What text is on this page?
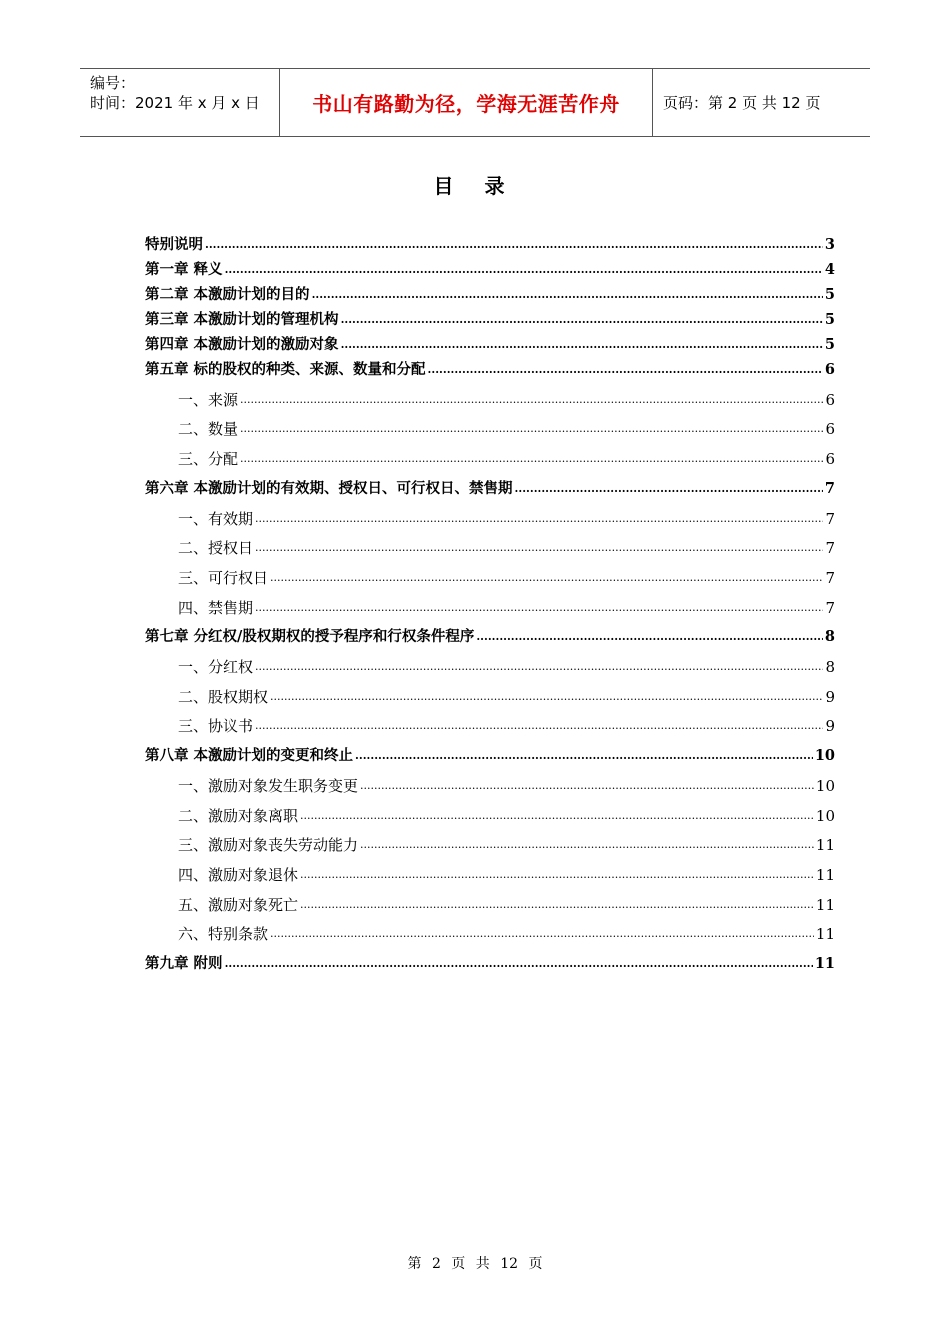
编号：
时间：2021 年 x 月 x 日	书山有路勤为径，学海无涯苦作舟	页码：第 2 页 共 12 页
目 录
特别说明 .....	3
第一章 释义 .....	4
第二章 本激励计划的目的 .....	5
第三章 本激励计划的管理机构 .....	5
第四章 本激励计划的激励对象 .....	5
第五章 标的股权的种类、来源、数量和分配 .....	6
一、来源 .....	6
二、数量 .....	6
三、分配 .....	6
第六章 本激励计划的有效期、授权日、可行权日、禁售期 .....	7
一、有效期 .....	7
二、授权日 .....	7
三、可行权日 .....	7
四、禁售期 .....	7
第七章 分红权/股权期权的授予程序和行权条件程序 .....	8
一、分红权 .....	8
二、股权期权 .....	9
三、协议书 .....	9
第八章 本激励计划的变更和终止 .....	10
一、激励对象发生职务变更 .....	10
二、激励对象离职 .....	10
三、激励对象丧失劳动能力 .....	11
四、激励对象退休 .....	11
五、激励对象死亡 .....	11
六、特别条款 .....	11
第九章 附则 .....	11
第 2 页 共 12 页
